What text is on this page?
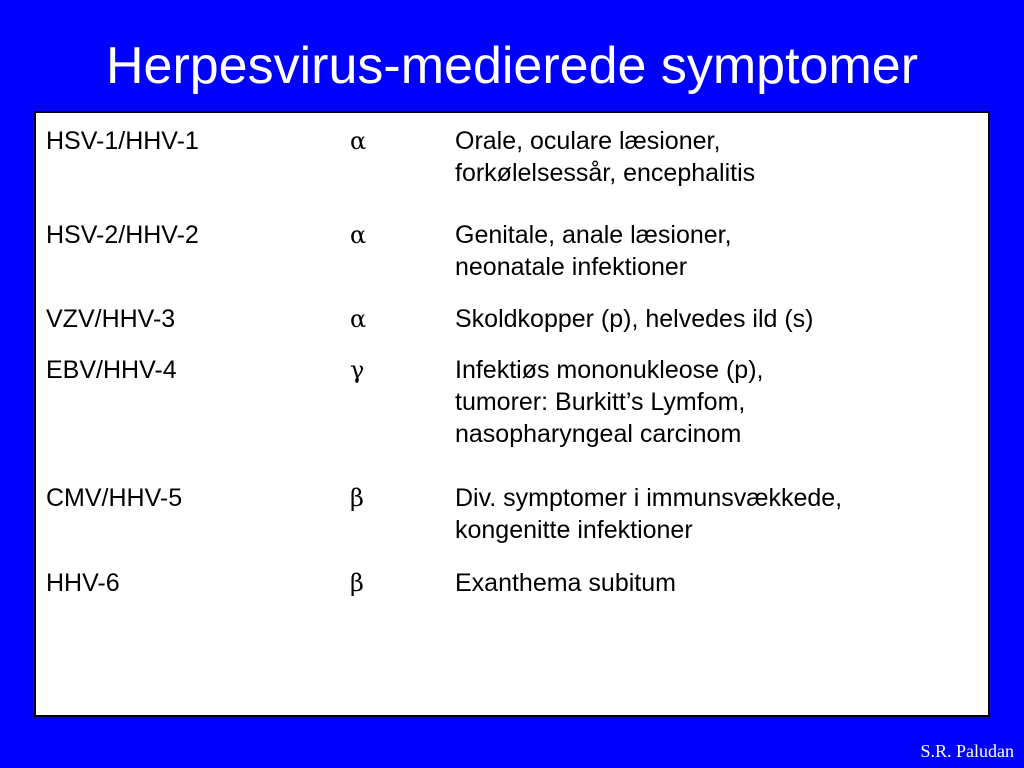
Herpesvirus-medierede symptomer
HSV-1/HHV-1	α	Orale, oculare læsioner,
forkølelsessår, encephalitis
HSV-2/HHV-2	α	Genitale, anale læsioner,
neonatale infektioner
VZV/HHV-3	α	Skoldkopper (p), helvedes ild (s)
EBV/HHV-4	γ	Infektiøs mononukleose (p),
tumorer: Burkitt’s Lymfom,
nasopharyngeal carcinom
CMV/HHV-5	β	Div. symptomer i immunsvækkede,
kongenitte infektioner
HHV-6	β	Exanthema subitum
S.R. Paludan
